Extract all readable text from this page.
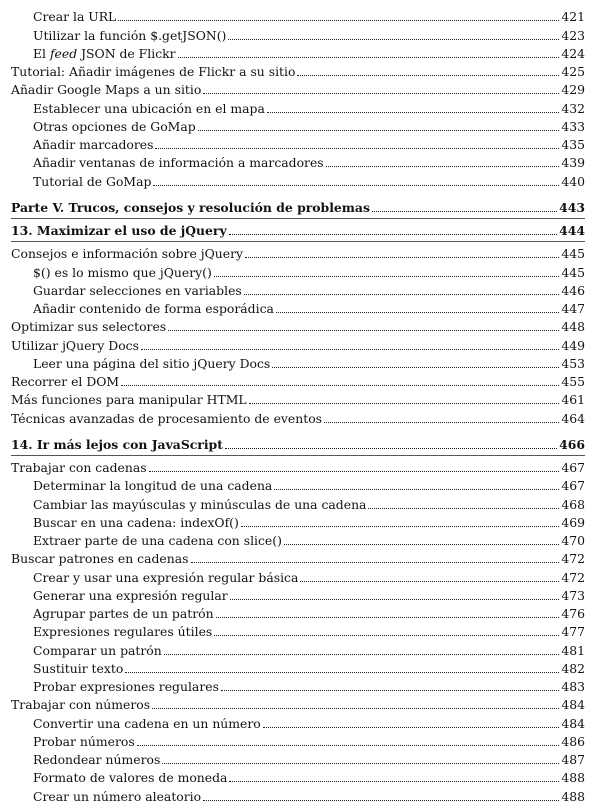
Crear la URL	421
Utilizar la función $.getJSON()	423
El feed JSON de Flickr	424
Tutorial: Añadir imágenes de Flickr a su sitio	425
Añadir Google Maps a un sitio	429
Establecer una ubicación en el mapa	432
Otras opciones de GoMap	433
Añadir marcadores	435
Añadir ventanas de información a marcadores	439
Tutorial de GoMap	440
Parte V. Trucos, consejos y resolución de problemas	443
13. Maximizar el uso de jQuery	444
Consejos e información sobre jQuery	445
$() es lo mismo que jQuery()	445
Guardar selecciones en variables	446
Añadir contenido de forma esporádica	447
Optimizar sus selectores	448
Utilizar jQuery Docs	449
Leer una página del sitio jQuery Docs	453
Recorrer el DOM	455
Más funciones para manipular HTML	461
Técnicas avanzadas de procesamiento de eventos	464
14. Ir más lejos con JavaScript	466
Trabajar con cadenas	467
Determinar la longitud de una cadena	467
Cambiar las mayúsculas y minúsculas de una cadena	468
Buscar en una cadena: indexOf()	469
Extraer parte de una cadena con slice()	470
Buscar patrones en cadenas	472
Crear y usar una expresión regular básica	472
Generar una expresión regular	473
Agrupar partes de un patrón	476
Expresiones regulares útiles	477
Comparar un patrón	481
Sustituir texto	482
Probar expresiones regulares	483
Trabajar con números	484
Convertir una cadena en un número	484
Probar números	486
Redondear números	487
Formato de valores de moneda	488
Crear un número aleatorio	488
